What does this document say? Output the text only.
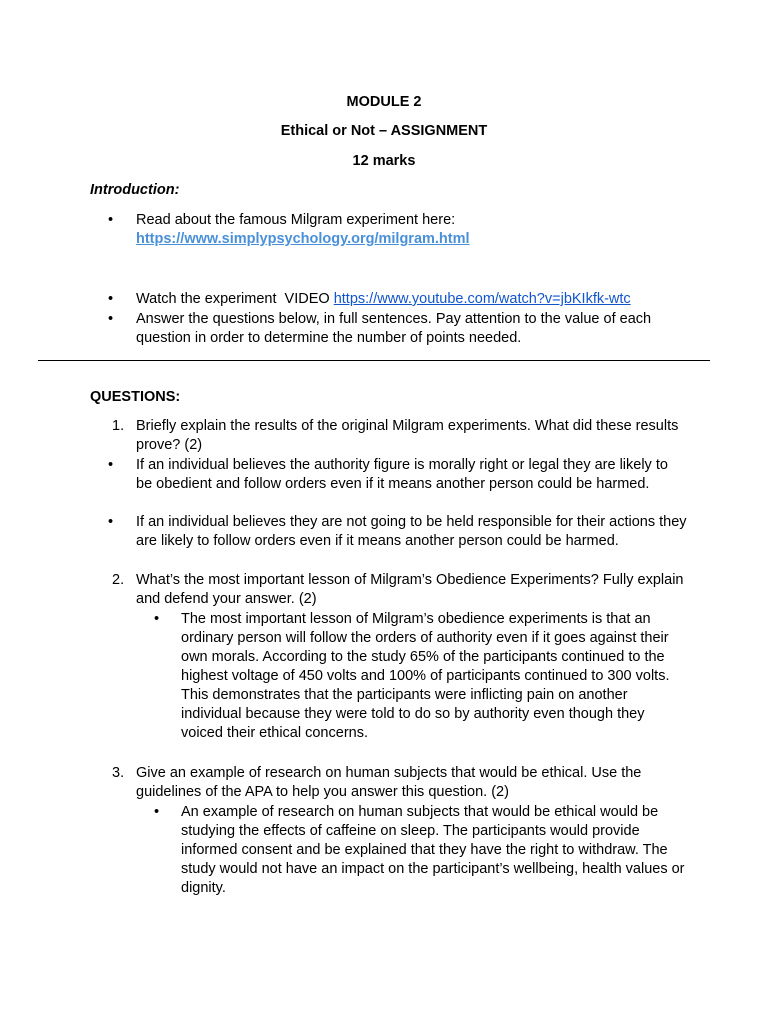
MODULE 2
Ethical or Not – ASSIGNMENT
12 marks
Introduction:
•	Read about the famous Milgram experiment here:
https://www.simplypsychology.org/milgram.html
•	Watch the experiment  VIDEO https://www.youtube.com/watch?v=jbKIkfk-wtc
•	Answer the questions below, in full sentences. Pay attention to the value of each question in order to determine the number of points needed.
QUESTIONS:
1. Briefly explain the results of the original Milgram experiments. What did these results prove? (2)
•	If an individual believes the authority figure is morally right or legal they are likely to be obedient and follow orders even if it means another person could be harmed.
•	If an individual believes they are not going to be held responsible for their actions they are likely to follow orders even if it means another person could be harmed.
2. What’s the most important lesson of Milgram’s Obedience Experiments? Fully explain and defend your answer. (2)
•	The most important lesson of Milgram’s obedience experiments is that an ordinary person will follow the orders of authority even if it goes against their own morals. According to the study 65% of the participants continued to the highest voltage of 450 volts and 100% of participants continued to 300 volts. This demonstrates that the participants were inflicting pain on another individual because they were told to do so by authority even though they voiced their ethical concerns.
3. Give an example of research on human subjects that would be ethical. Use the guidelines of the APA to help you answer this question. (2)
•	An example of research on human subjects that would be ethical would be studying the effects of caffeine on sleep. The participants would provide informed consent and be explained that they have the right to withdraw. The study would not have an impact on the participant’s wellbeing, health values or dignity.
